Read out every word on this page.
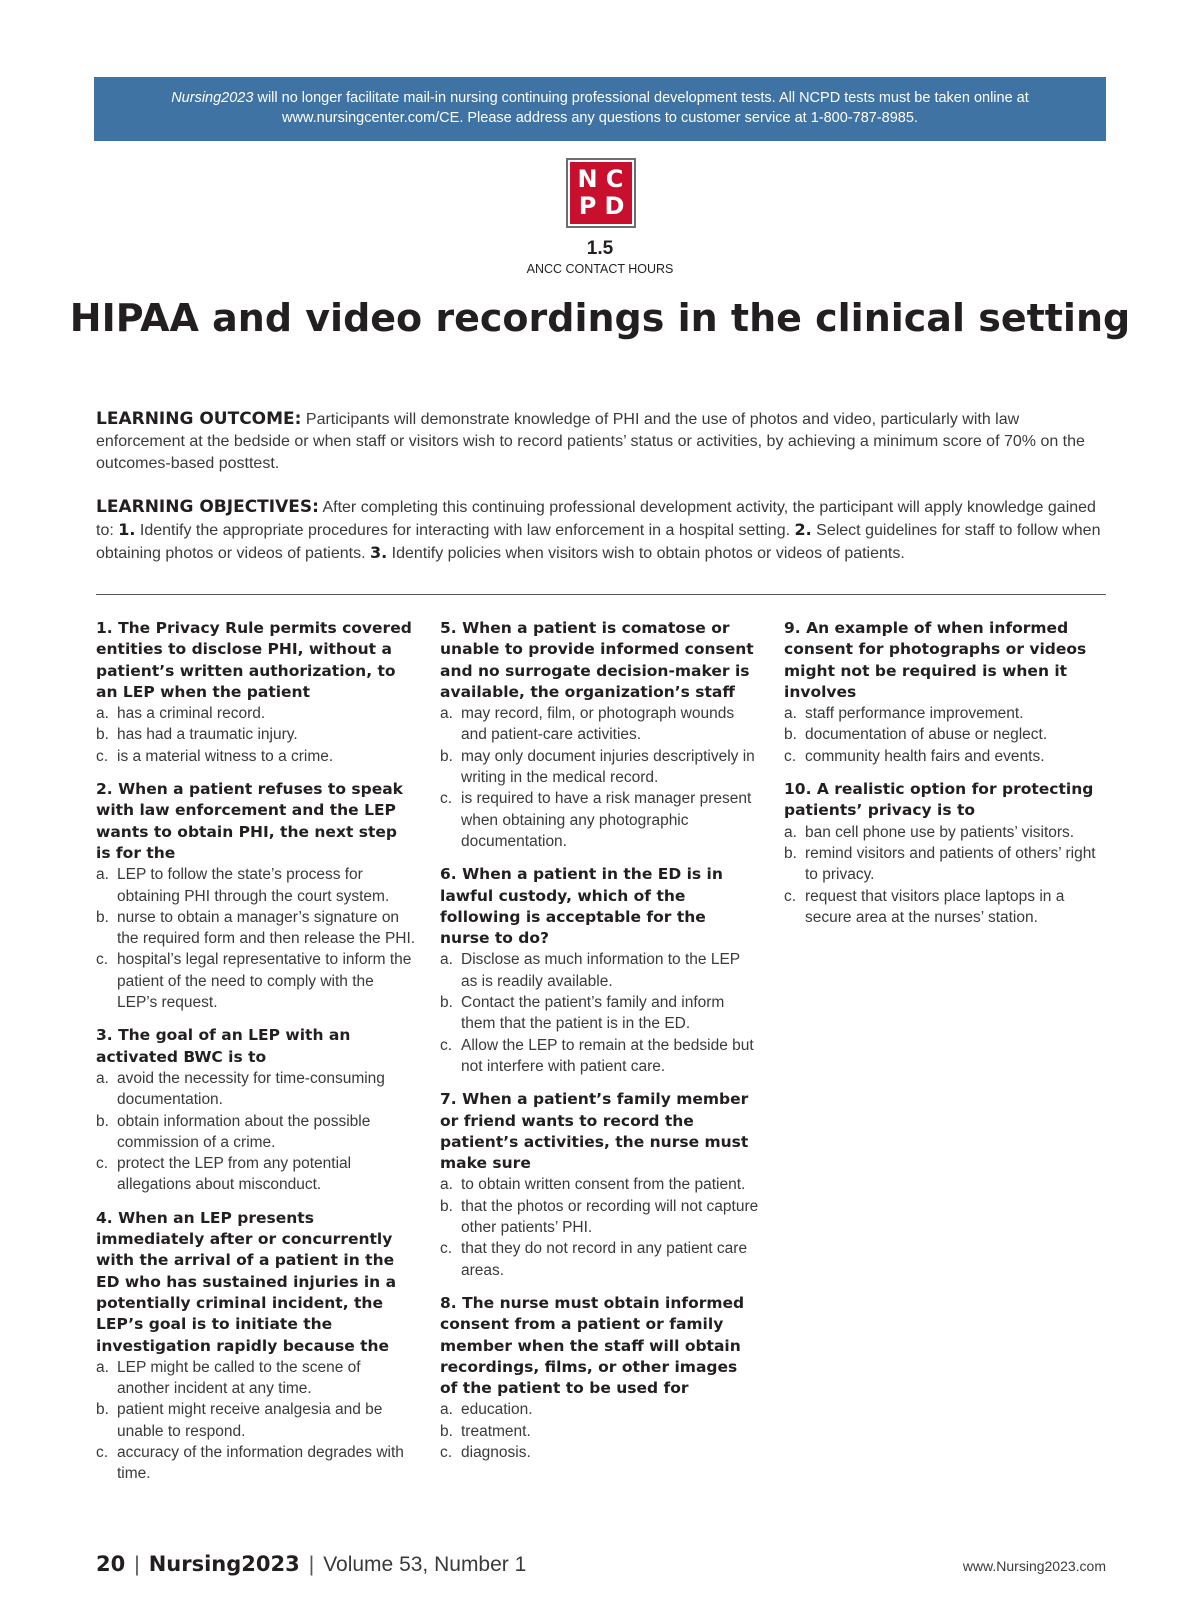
Nursing2023 will no longer facilitate mail-in nursing continuing professional development tests. All NCPD tests must be taken online at
www.nursingcenter.com/CE. Please address any questions to customer service at 1-800-787-8985.
N C
P D
1.5
ANCC CONTACT HOURS
HIPAA and video recordings in the clinical setting

LEARNING OUTCOME: Participants will demonstrate knowledge of PHI and the use of photos and video, particularly with law enforcement at the bedside or when staff or visitors wish to record patients’ status or activities, by achieving a minimum score of 70% on the outcomes-based posttest.

LEARNING OBJECTIVES: After completing this continuing professional development activity, the participant will apply knowledge gained to: 1. Identify the appropriate procedures for interacting with law enforcement in a hospital setting. 2. Select guidelines for staff to follow when obtaining photos or videos of patients. 3. Identify policies when visitors wish to obtain photos or videos of patients.

1. The Privacy Rule permits covered entities to disclose PHI, without a patient’s written authorization, to an LEP when the patient
a. has a criminal record.
b. has had a traumatic injury.
c. is a material witness to a crime.
2. When a patient refuses to speak with law enforcement and the LEP wants to obtain PHI, the next step is for the
a. LEP to follow the state’s process for obtaining PHI through the court system.
b. nurse to obtain a manager’s signature on the required form and then release the PHI.
c. hospital’s legal representative to inform the patient of the need to comply with the LEP’s request.
3. The goal of an LEP with an activated BWC is to
a. avoid the necessity for time-consuming documentation.
b. obtain information about the possible commission of a crime.
c. protect the LEP from any potential allegations about misconduct.
4. When an LEP presents immediately after or concurrently with the arrival of a patient in the ED who has sustained injuries in a potentially criminal incident, the LEP’s goal is to initiate the investigation rapidly because the
a. LEP might be called to the scene of another incident at any time.
b. patient might receive analgesia and be unable to respond.
c. accuracy of the information degrades with time.
5. When a patient is comatose or unable to provide informed consent and no surrogate decision-maker is available, the organization’s staff
a. may record, film, or photograph wounds and patient-care activities.
b. may only document injuries descriptively in writing in the medical record.
c. is required to have a risk manager present when obtaining any photographic documentation.
6. When a patient in the ED is in lawful custody, which of the following is acceptable for the nurse to do?
a. Disclose as much information to the LEP as is readily available.
b. Contact the patient’s family and inform them that the patient is in the ED.
c. Allow the LEP to remain at the bedside but not interfere with patient care.
7. When a patient’s family member or friend wants to record the patient’s activities, the nurse must make sure
a. to obtain written consent from the patient.
b. that the photos or recording will not capture other patients’ PHI.
c. that they do not record in any patient care areas.
8. The nurse must obtain informed consent from a patient or family member when the staff will obtain recordings, films, or other images of the patient to be used for
a. education.
b. treatment.
c. diagnosis.
9. An example of when informed consent for photographs or videos might not be required is when it involves
a. staff performance improvement.
b. documentation of abuse or neglect.
c. community health fairs and events.
10. A realistic option for protecting patients’ privacy is to
a. ban cell phone use by patients’ visitors.
b. remind visitors and patients of others’ right to privacy.
c. request that visitors place laptops in a secure area at the nurses’ station.
20 | Nursing2023 | Volume 53, Number 1	www.Nursing2023.com
